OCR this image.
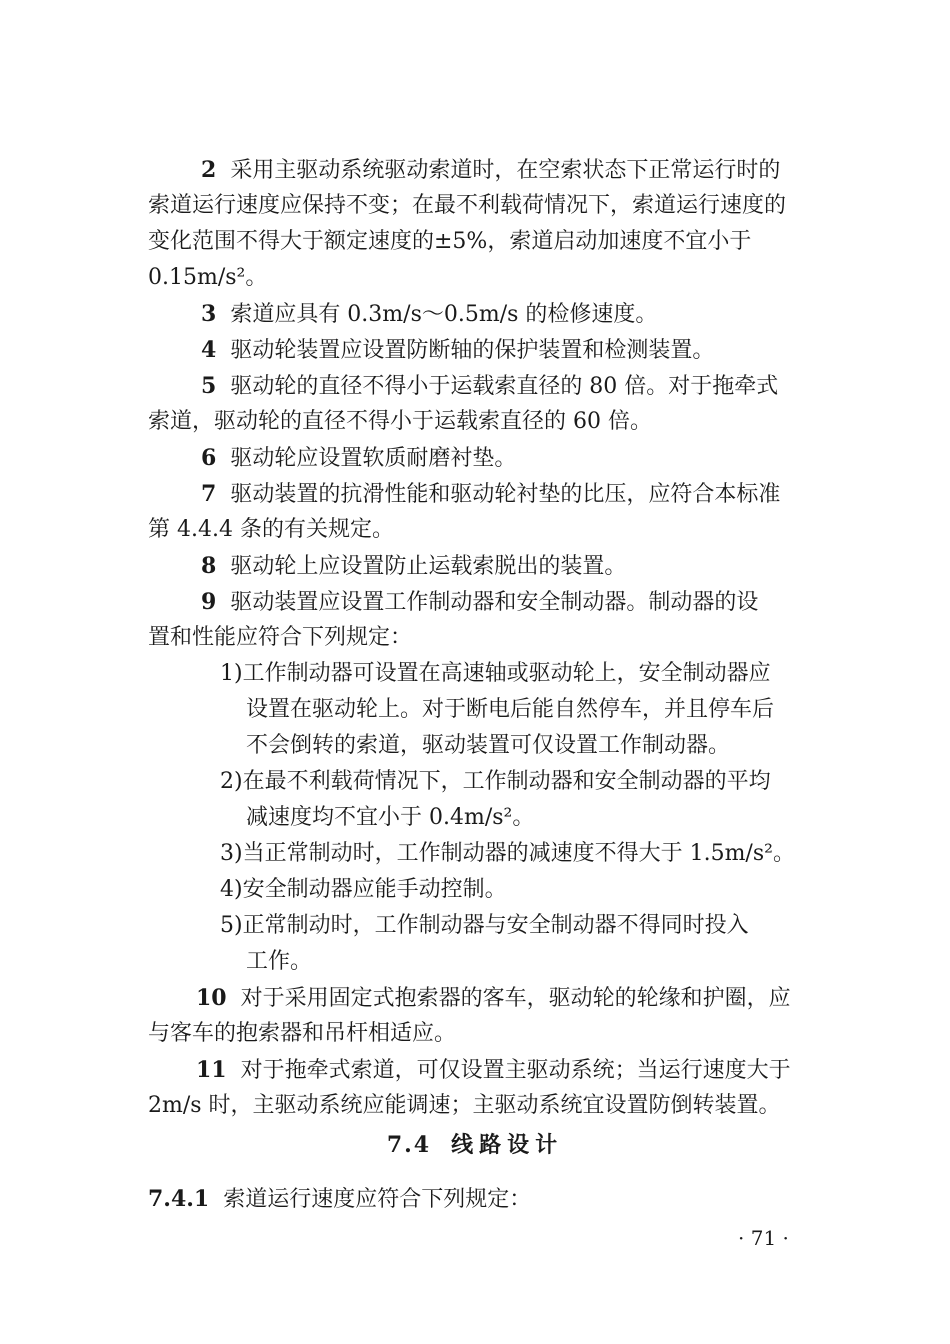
2 采用主驱动系统驱动索道时，在空索状态下正常运行时的
索道运行速度应保持不变；在最不利载荷情况下，索道运行速度的
变化范围不得大于额定速度的±5%，索道启动加速度不宜小于
0.15m/s²。
3 索道应具有 0.3m/s～0.5m/s 的检修速度。
4 驱动轮装置应设置防断轴的保护装置和检测装置。
5 驱动轮的直径不得小于运载索直径的 80 倍。对于拖牵式
索道，驱动轮的直径不得小于运载索直径的 60 倍。
6 驱动轮应设置软质耐磨衬垫。
7 驱动装置的抗滑性能和驱动轮衬垫的比压，应符合本标准
第 4.4.4 条的有关规定。
8 驱动轮上应设置防止运载索脱出的装置。
9 驱动装置应设置工作制动器和安全制动器。制动器的设
置和性能应符合下列规定：
1)工作制动器可设置在高速轴或驱动轮上，安全制动器应
设置在驱动轮上。对于断电后能自然停车，并且停车后
不会倒转的索道，驱动装置可仅设置工作制动器。
2)在最不利载荷情况下，工作制动器和安全制动器的平均
减速度均不宜小于 0.4m/s²。
3)当正常制动时，工作制动器的减速度不得大于 1.5m/s²。
4)安全制动器应能手动控制。
5)正常制动时，工作制动器与安全制动器不得同时投入
工作。
10 对于采用固定式抱索器的客车，驱动轮的轮缘和护圈，应
与客车的抱索器和吊杆相适应。
11 对于拖牵式索道，可仅设置主驱动系统；当运行速度大于
2m/s 时，主驱动系统应能调速；主驱动系统宜设置防倒转装置。
7.4 线路设计
7.4.1 索道运行速度应符合下列规定：
· 71 ·
